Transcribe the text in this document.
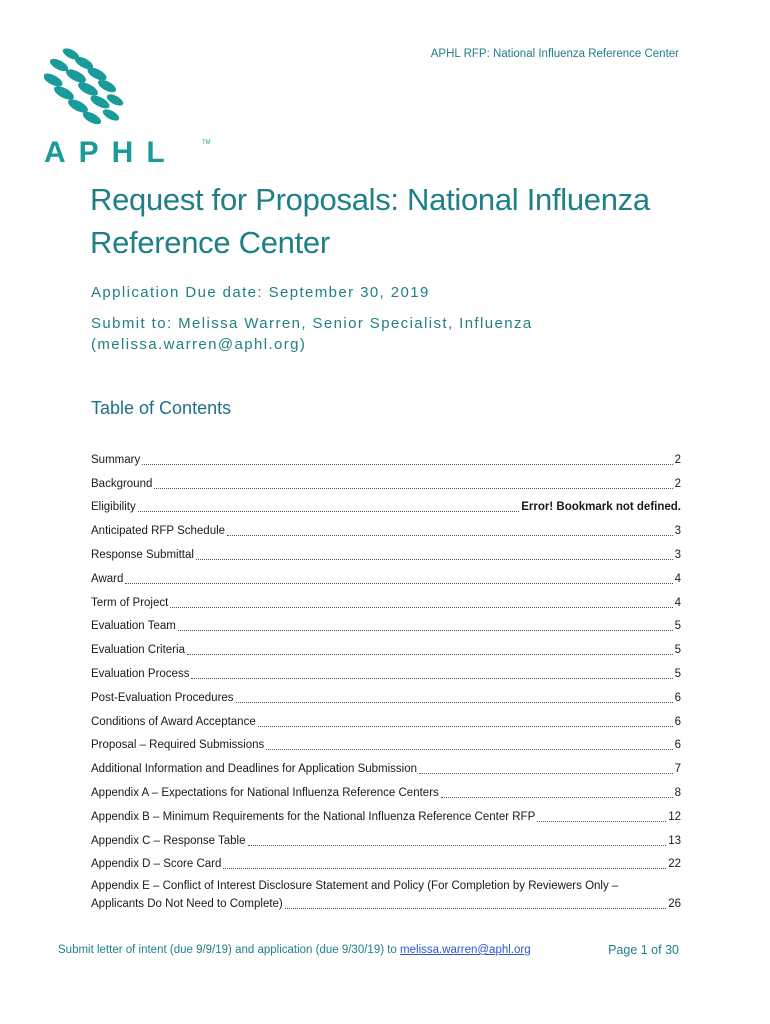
APHL RFP: National Influenza Reference Center
APHL	TM
Request for Proposals: National Influenza Reference Center
Application Due date: September 30, 2019
Submit to: Melissa Warren, Senior Specialist, Influenza (melissa.warren@aphl.org)
Table of Contents
Summary	2
Background	2
Eligibility	Error! Bookmark not defined.
Anticipated RFP Schedule	3
Response Submittal	3
Award	4
Term of Project	4
Evaluation Team	5
Evaluation Criteria	5
Evaluation Process	5
Post-Evaluation Procedures	6
Conditions of Award Acceptance	6
Proposal – Required Submissions	6
Additional Information and Deadlines for Application Submission	7
Appendix A – Expectations for National Influenza Reference Centers	8
Appendix B – Minimum Requirements for the National Influenza Reference Center RFP	12
Appendix C – Response Table	13
Appendix D – Score Card	22
Appendix E – Conflict of Interest Disclosure Statement and Policy (For Completion by Reviewers Only –
Applicants Do Not Need to Complete)	26
Submit letter of intent (due 9/9/19) and application (due 9/30/19) to melissa.warren@aphl.org	Page 1 of 30
